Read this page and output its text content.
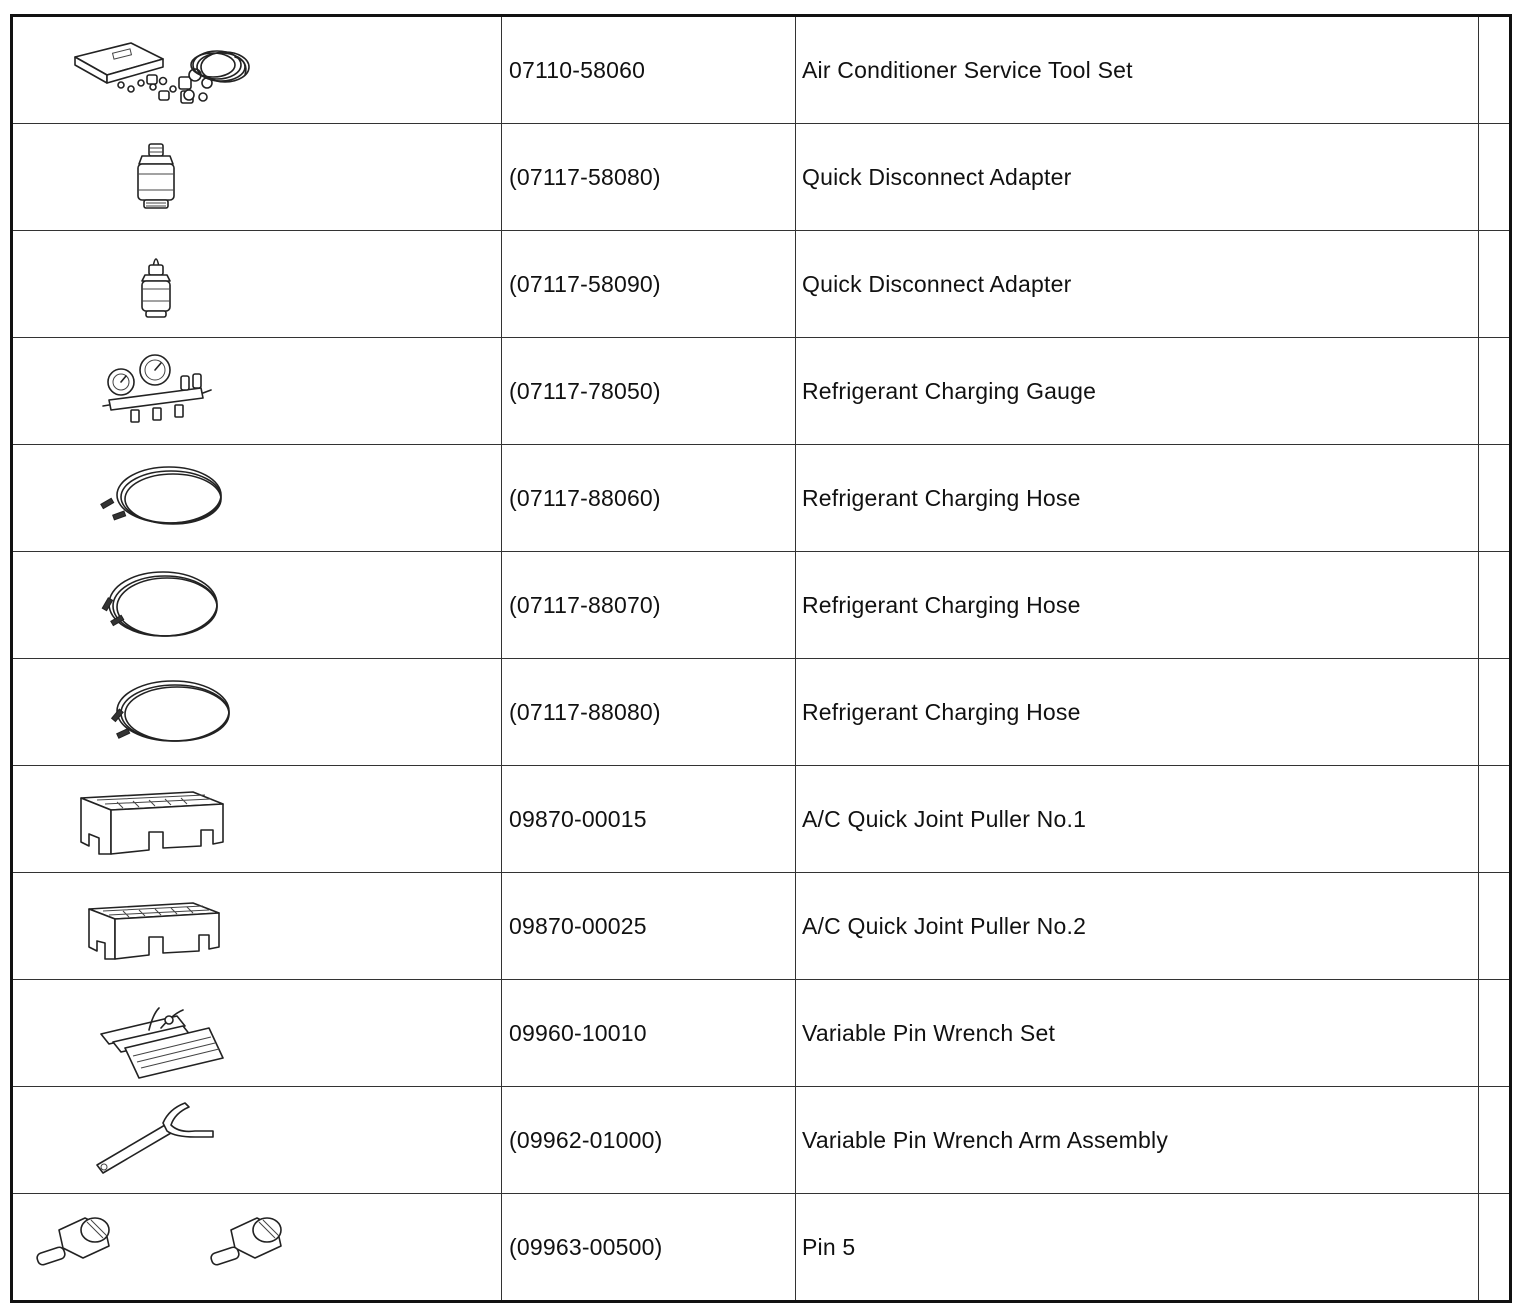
	07110-58060	Air Conditioner Service Tool Set	

	(07117-58080)	Quick Disconnect Adapter	

	(07117-58090)	Quick Disconnect Adapter	

	(07117-78050)	Refrigerant Charging Gauge	

	(07117-88060)	Refrigerant Charging Hose	

	(07117-88070)	Refrigerant Charging Hose	

	(07117-88080)	Refrigerant Charging Hose	

	09870-00015	A/C Quick Joint Puller No.1	

	09870-00025	A/C Quick Joint Puller No.2	

	09960-10010	Variable Pin Wrench Set	

	(09962-01000)	Variable Pin Wrench Arm Assembly	

	(09963-00500)	Pin 5	
